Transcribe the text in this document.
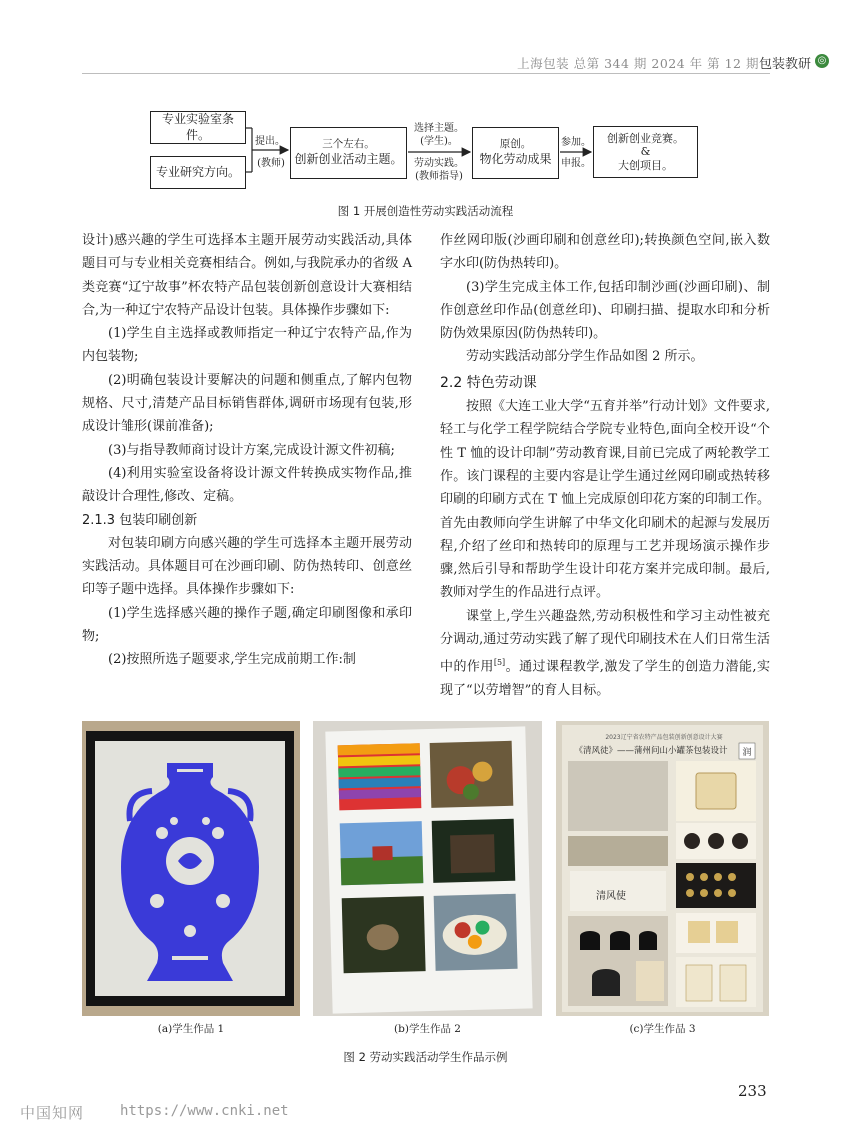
上海包装 总第 344 期 2024 年 第 12 期 包装教研 ◎
专业实验室条件。
专业研究方向。
提出。
(教师)
三个左右。
创新创业活动主题。
选择主题。
(学生)。
劳动实践。
(教师指导)
原创。
物化劳动成果
参加。
申报。
创新创业竞赛。
&
大创项目。
图 1 开展创造性劳动实践活动流程

设计)感兴趣的学生可选择本主题开展劳动实践活动,具体题目可与专业相关竞赛相结合。例如,与我院承办的省级 A 类竞赛“辽宁故事”杯农特产品包装创新创意设计大赛相结合,为一种辽宁农特产品设计包装。具体操作步骤如下:

(1)学生自主选择或教师指定一种辽宁农特产品,作为内包装物;

(2)明确包装设计要解决的问题和侧重点,了解内包物规格、尺寸,清楚产品目标销售群体,调研市场现有包装,形成设计雏形(课前准备);

(3)与指导教师商讨设计方案,完成设计源文件初稿;

(4)利用实验室设备将设计源文件转换成实物作品,推敲设计合理性,修改、定稿。

2.1.3 包装印刷创新

对包装印刷方向感兴趣的学生可选择本主题开展劳动实践活动。具体题目可在沙画印刷、防伪热转印、创意丝印等子题中选择。具体操作步骤如下:

(1)学生选择感兴趣的操作子题,确定印刷图像和承印物;

(2)按照所选子题要求,学生完成前期工作:制

作丝网印版(沙画印刷和创意丝印);转换颜色空间,嵌入数字水印(防伪热转印)。

(3)学生完成主体工作,包括印制沙画(沙画印刷)、制作创意丝印作品(创意丝印)、印刷扫描、提取水印和分析防伪效果原因(防伪热转印)。

劳动实践活动部分学生作品如图 2 所示。

2.2 特色劳动课

按照《大连工业大学“五育并举”行动计划》文件要求,轻工与化学工程学院结合学院专业特色,面向全校开设“个性 T 恤的设计印制”劳动教育课,目前已完成了两轮教学工作。该门课程的主要内容是让学生通过丝网印刷或热转移印刷的印刷方式在 T 恤上完成原创印花方案的印制工作。首先由教师向学生讲解了中华文化印刷术的起源与发展历程,介绍了丝印和热转印的原理与工艺并现场演示操作步骤,然后引导和帮助学生设计印花方案并完成印制。最后,教师对学生的作品进行点评。

课堂上,学生兴趣盎然,劳动积极性和学习主动性被充分调动,通过劳动实践了解了现代印刷技术在人们日常生活中的作用[5]。通过课程教学,激发了学生的创造力潜能,实现了“以劳增智”的育人目标。

2023辽宁省农特产品包装创新创意设计大赛
《清风徒》——蒲州问山小罐茶包装设计 润
清风使
(a)学生作品 1	(b)学生作品 2	(c)学生作品 3
图 2 劳动实践活动学生作品示例
233
中国知网	https://www.cnki.net
